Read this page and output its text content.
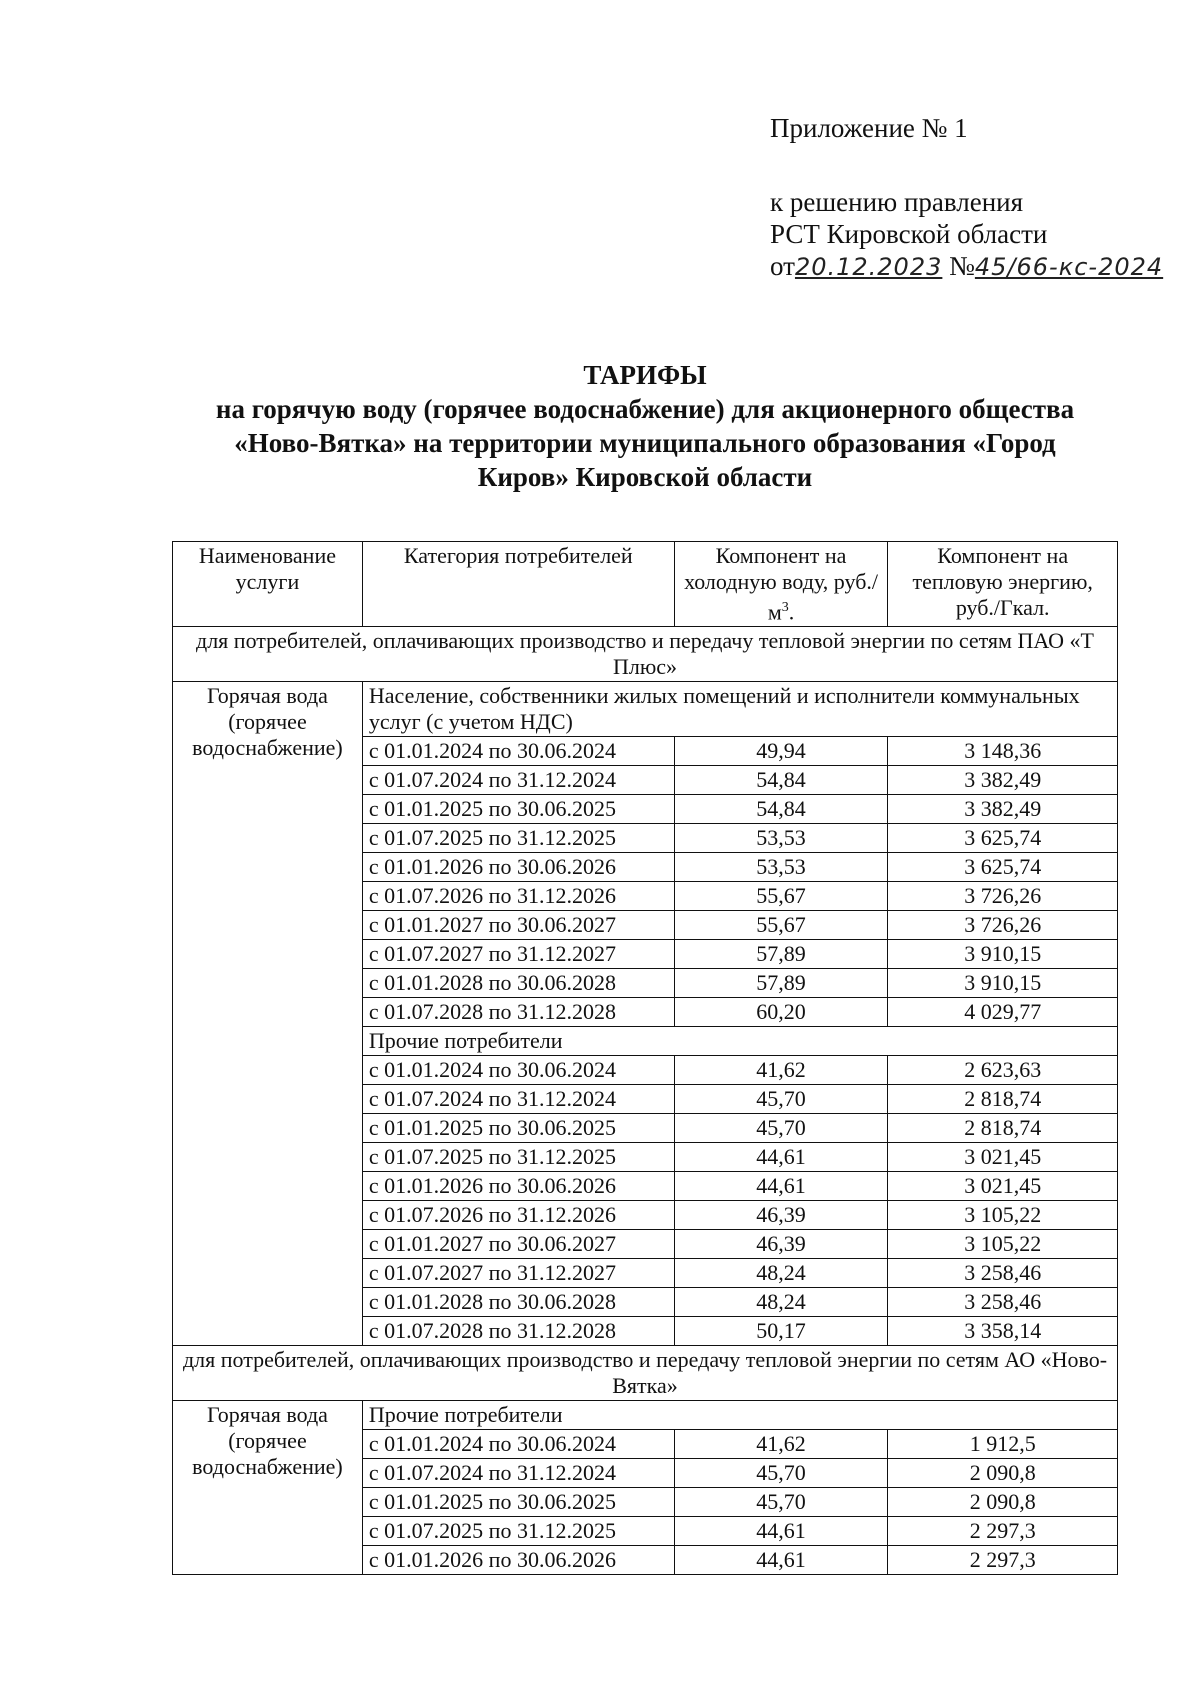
Приложение № 1
к решению правления
РСТ Кировской области
от20.12.2023 №45/66-кс-2024
ТАРИФЫ
на горячую воду (горячее водоснабжение) для акционерного общества
«Ново-Вятка» на территории муниципального образования «Город
Киров» Кировской области
Наименование услуги	Категория потребителей	Компонент на холодную воду, $руб./м^3$.	Компонент на тепловую энергию, руб./Гкал.
для потребителей, оплачивающих производство и передачу тепловой энергии по сетям ПАО «Т Плюс»			
Горячая вода (горячее водоснабжение)	Население, собственники жилых помещений и исполнители коммунальных услуг (с учетом НДС)		
	с 01.01.2024 по 30.06.2024	49,94	3 148,36
	с 01.07.2024 по 31.12.2024	54,84	3 382,49
	с 01.01.2025 по 30.06.2025	54,84	3 382,49
	с 01.07.2025 по 31.12.2025	53,53	3 625,74
	с 01.01.2026 по 30.06.2026	53,53	3 625,74
	с 01.07.2026 по 31.12.2026	55,67	3 726,26
	с 01.01.2027 по 30.06.2027	55,67	3 726,26
	с 01.07.2027 по 31.12.2027	57,89	3 910,15
	с 01.01.2028 по 30.06.2028	57,89	3 910,15
	с 01.07.2028 по 31.12.2028	60,20	4 029,77
	Прочие потребители		
	с 01.01.2024 по 30.06.2024	41,62	2 623,63
	с 01.07.2024 по 31.12.2024	45,70	2 818,74
	с 01.01.2025 по 30.06.2025	45,70	2 818,74
	с 01.07.2025 по 31.12.2025	44,61	3 021,45
	с 01.01.2026 по 30.06.2026	44,61	3 021,45
	с 01.07.2026 по 31.12.2026	46,39	3 105,22
	с 01.01.2027 по 30.06.2027	46,39	3 105,22
	с 01.07.2027 по 31.12.2027	48,24	3 258,46
	с 01.01.2028 по 30.06.2028	48,24	3 258,46
	с 01.07.2028 по 31.12.2028	50,17	3 358,14
для потребителей, оплачивающих производство и передачу тепловой энергии по сетям АО «Ново-Вятка»			
Горячая вода (горячее водоснабжение)	Прочие потребители		
	с 01.01.2024 по 30.06.2024	41,62	1 912,5
	с 01.07.2024 по 31.12.2024	45,70	2 090,8
	с 01.01.2025 по 30.06.2025	45,70	2 090,8
	с 01.07.2025 по 31.12.2025	44,61	2 297,3
	с 01.01.2026 по 30.06.2026	44,61	2 297,3
